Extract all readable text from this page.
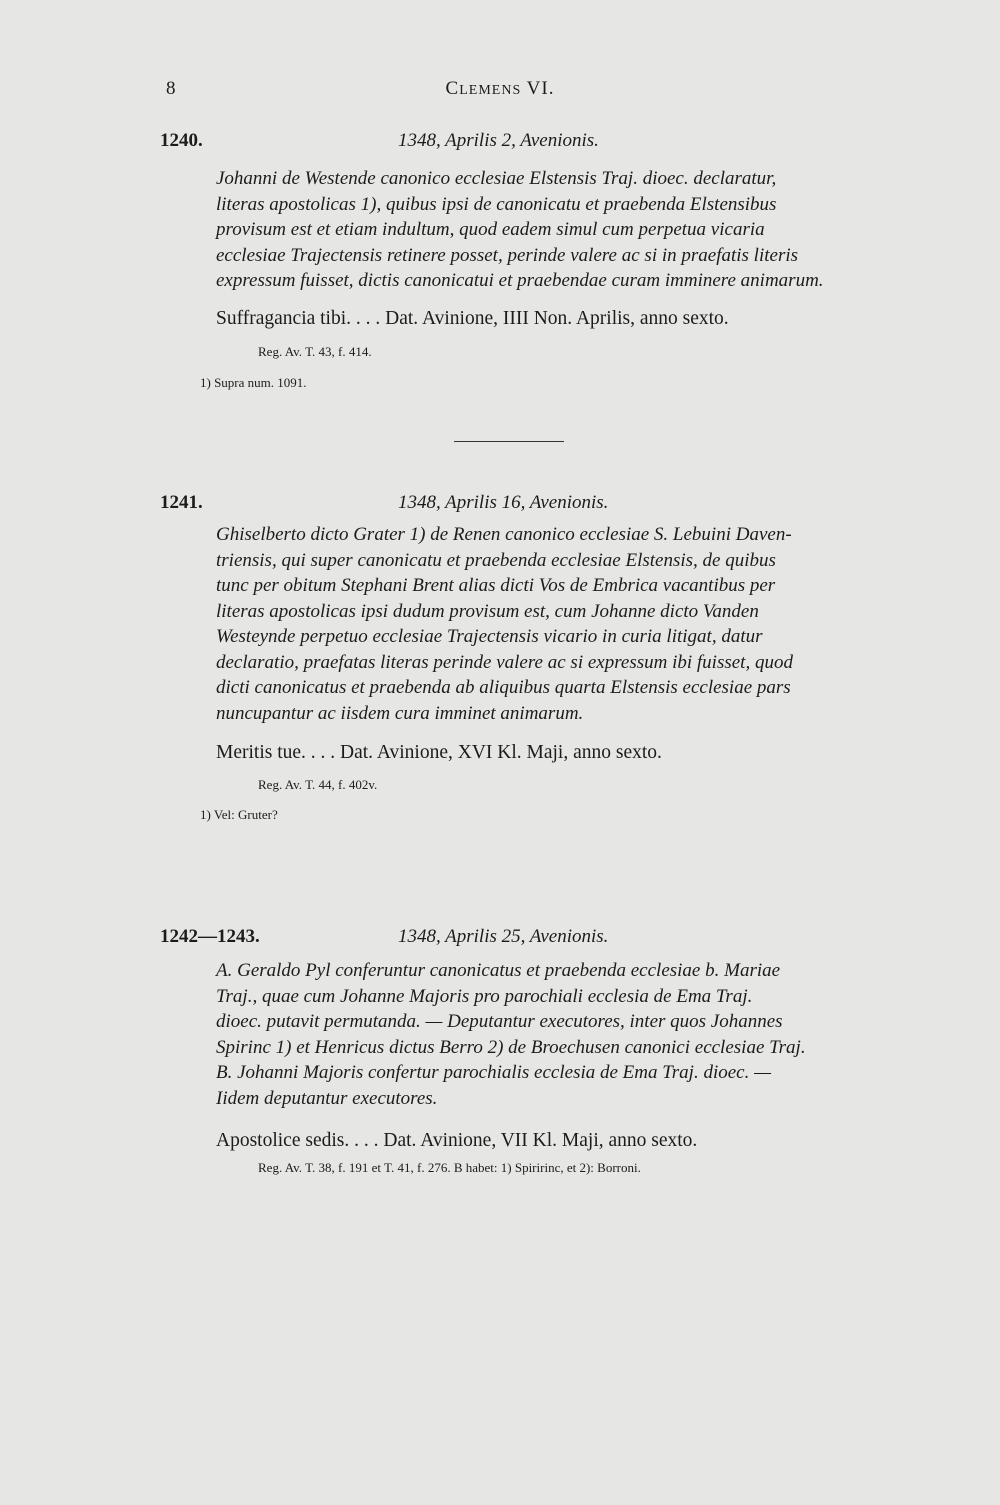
8	CLEMENS VI.
1240.	1348, Aprilis 2, Avenionis.
Johanni de Westende canonico ecclesiae Elstensis Traj. dioec. declaratur,
literas apostolicas 1), quibus ipsi de canonicatu et praebenda Elstensibus
provisum est et etiam indultum, quod eadem simul cum perpetua vicaria
ecclesiae Trajectensis retinere posset, perinde valere ac si in praefatis literis
expressum fuisset, dictis canonicatui et praebendae curam imminere animarum.
Suffragancia tibi. . . . Dat. Avinione, IIII Non. Aprilis, anno sexto.
Reg. Av. T. 43, f. 414.
1) Supra num. 1091.
1241.	1348, Aprilis 16, Avenionis.
Ghiselberto dicto Grater 1) de Renen canonico ecclesiae S. Lebuini Daven-
triensis, qui super canonicatu et praebenda ecclesiae Elstensis, de quibus
tunc per obitum Stephani Brent alias dicti Vos de Embrica vacantibus per
literas apostolicas ipsi dudum provisum est, cum Johanne dicto Vanden
Westeynde perpetuo ecclesiae Trajectensis vicario in curia litigat, datur
declaratio, praefatas literas perinde valere ac si expressum ibi fuisset, quod
dicti canonicatus et praebenda ab aliquibus quarta Elstensis ecclesiae pars
nuncupantur ac iisdem cura imminet animarum.
Meritis tue. . . . Dat. Avinione, XVI Kl. Maji, anno sexto.
Reg. Av. T. 44, f. 402v.
1) Vel: Gruter?
1242—1243.	1348, Aprilis 25, Avenionis.
A. Geraldo Pyl conferuntur canonicatus et praebenda ecclesiae b. Mariae
Traj., quae cum Johanne Majoris pro parochiali ecclesia de Ema Traj.
dioec. putavit permutanda. — Deputantur executores, inter quos Johannes
Spirinc 1) et Henricus dictus Berro 2) de Broechusen canonici ecclesiae Traj.
B. Johanni Majoris confertur parochialis ecclesia de Ema Traj. dioec. —
Iidem deputantur executores.
Apostolice sedis. . . . Dat. Avinione, VII Kl. Maji, anno sexto.
Reg. Av. T. 38, f. 191 et T. 41, f. 276. B habet: 1) Spiririnc, et 2): Borroni.
